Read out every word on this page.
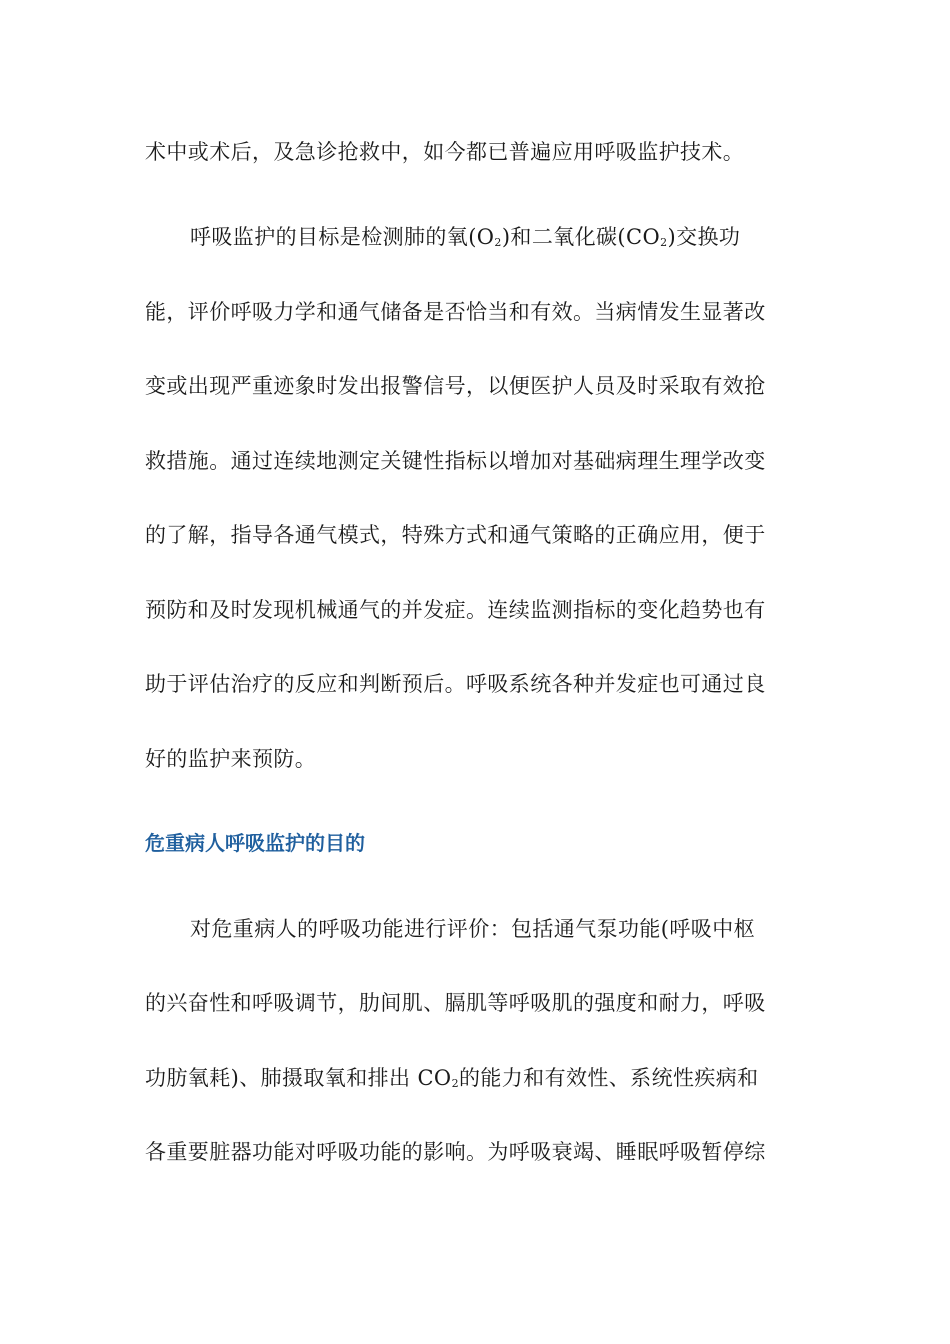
术中或术后，及急诊抢救中，如今都已普遍应用呼吸监护技术。
呼吸监护的目标是检测肺的氧$(O_2)$和二氧化碳$(CO_2)$交换功
能，评价呼吸力学和通气储备是否恰当和有效。当病情发生显著改
变或出现严重迹象时发出报警信号，以便医护人员及时采取有效抢
救措施。通过连续地测定关键性指标以增加对基础病理生理学改变
的了解，指导各通气模式，特殊方式和通气策略的正确应用，便于
预防和及时发现机械通气的并发症。连续监测指标的变化趋势也有
助于评估治疗的反应和判断预后。呼吸系统各种并发症也可通过良
好的监护来预防。
危重病人呼吸监护的目的
对危重病人的呼吸功能进行评价：包括通气泵功能(呼吸中枢
的兴奋性和呼吸调节，肋间肌、膈肌等呼吸肌的强度和耐力，呼吸
功肪氧耗)、肺摄取氧和排出 $CO_2$的能力和有效性、系统性疾病和
各重要脏器功能对呼吸功能的影响。为呼吸衰竭、睡眠呼吸暂停综
